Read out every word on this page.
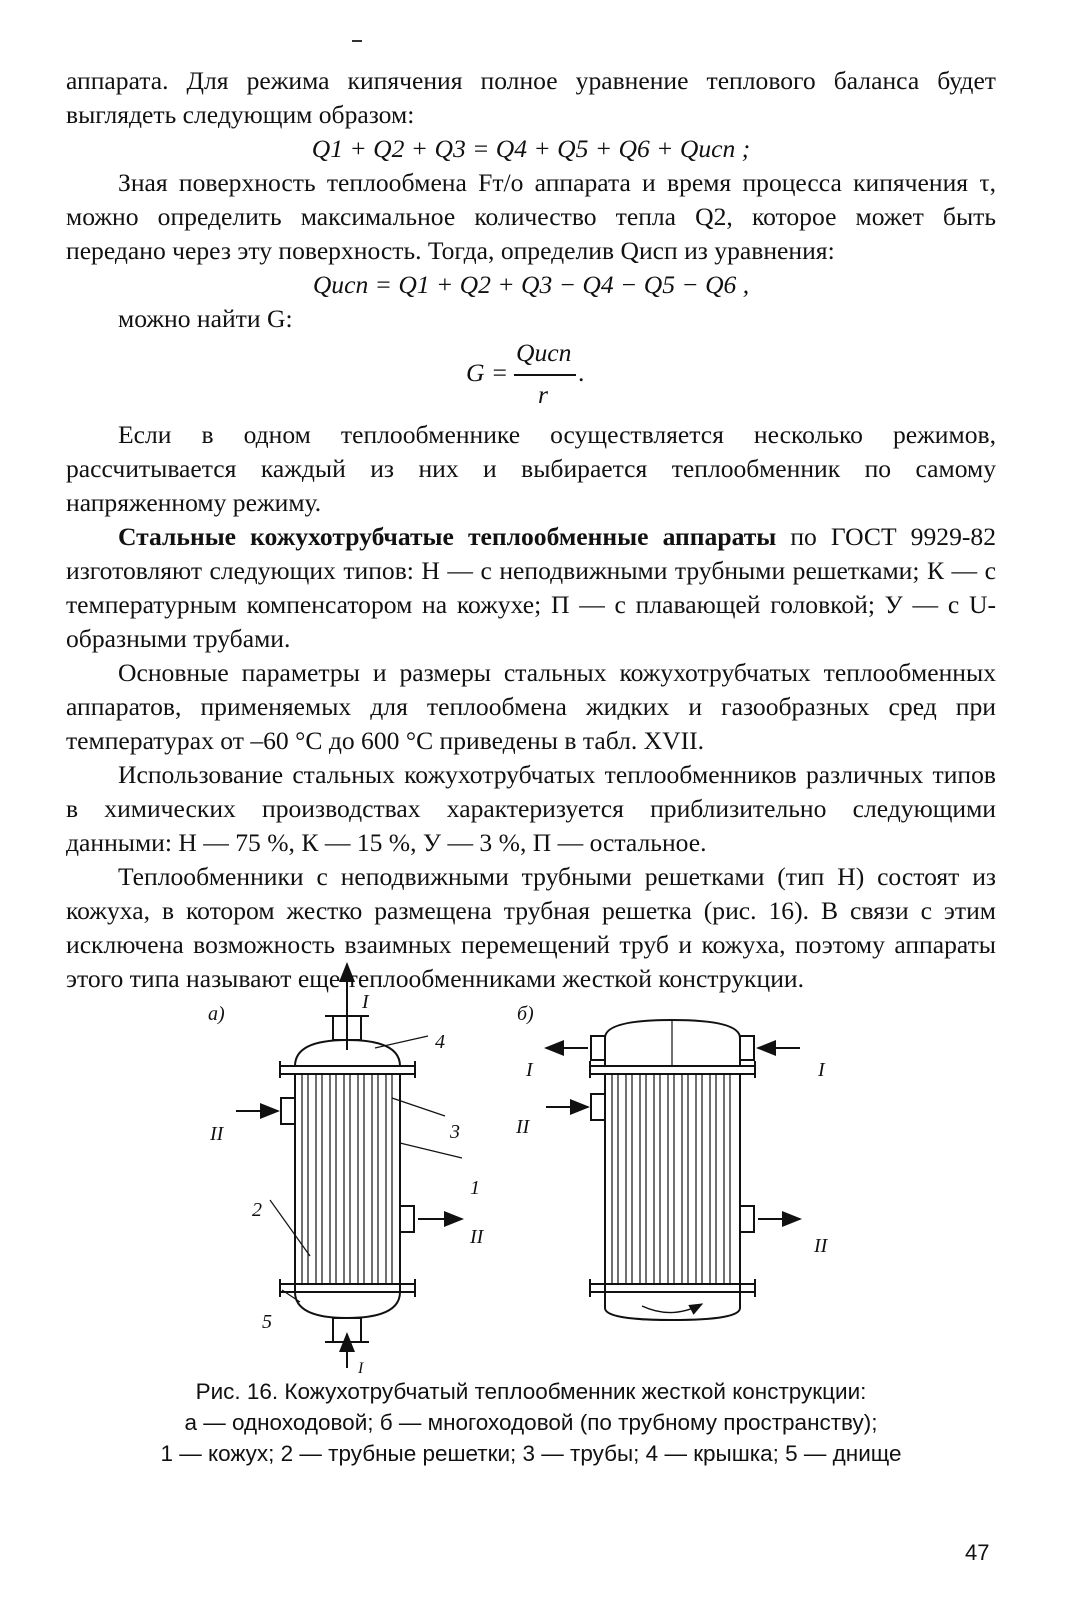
аппарата. Для режима кипячения полное уравнение теплового баланса будет выглядеть следующим образом:

Q1 + Q2 + Q3 = Q4 + Q5 + Q6 + Qисп ;

Зная поверхность теплообмена Fт/о аппарата и время процесса кипячения τ, можно определить максимальное количество тепла Q2, которое может быть передано через эту поверхность. Тогда, определив Qисп из уравнения:

Qисп = Q1 + Q2 + Q3 − Q4 − Q5 − Q6 ,

можно найти G:

G =
Qисп
r
.

Если в одном теплообменнике осуществляется несколько режимов, рассчитывается каждый из них и выбирается теплообменник по самому напряженному режиму.

Стальные кожухотрубчатые теплообменные аппараты по ГОСТ 9929-82 изготовляют следующих типов: Н — с неподвижными трубными решетками; К — с температурным компенсатором на кожухе; П — с плавающей головкой; У — с U-образными трубами.

Основные параметры и размеры стальных кожухотрубчатых теплообменных аппаратов, применяемых для теплообмена жидких и газообразных сред при температурах от –60 °С до 600 °С приведены в табл. XVII.

Использование стальных кожухотрубчатых теплообменников различных типов в химических производствах характеризуется приблизительно следующими данными: Н — 75 %, К — 15 %, У — 3 %, П — остальное.

Теплообменники с неподвижными трубными решетками (тип Н) состоят из кожуха, в котором жестко размещена трубная решетка (рис. 16). В связи с этим исключена возможность взаимных перемещений труб и кожуха, поэтому аппараты этого типа называют еще теплообменниками жесткой конструкции.

а)
I
II
II
I
4
3
1
2
5
б)
I	I
II
II
Рис. 16. Кожухотрубчатый теплообменник жесткой конструкции:
а — одноходовой; б — многоходовой (по трубному пространству);
1 — кожух; 2 — трубные решетки; 3 — трубы; 4 — крышка; 5 — днище
47
